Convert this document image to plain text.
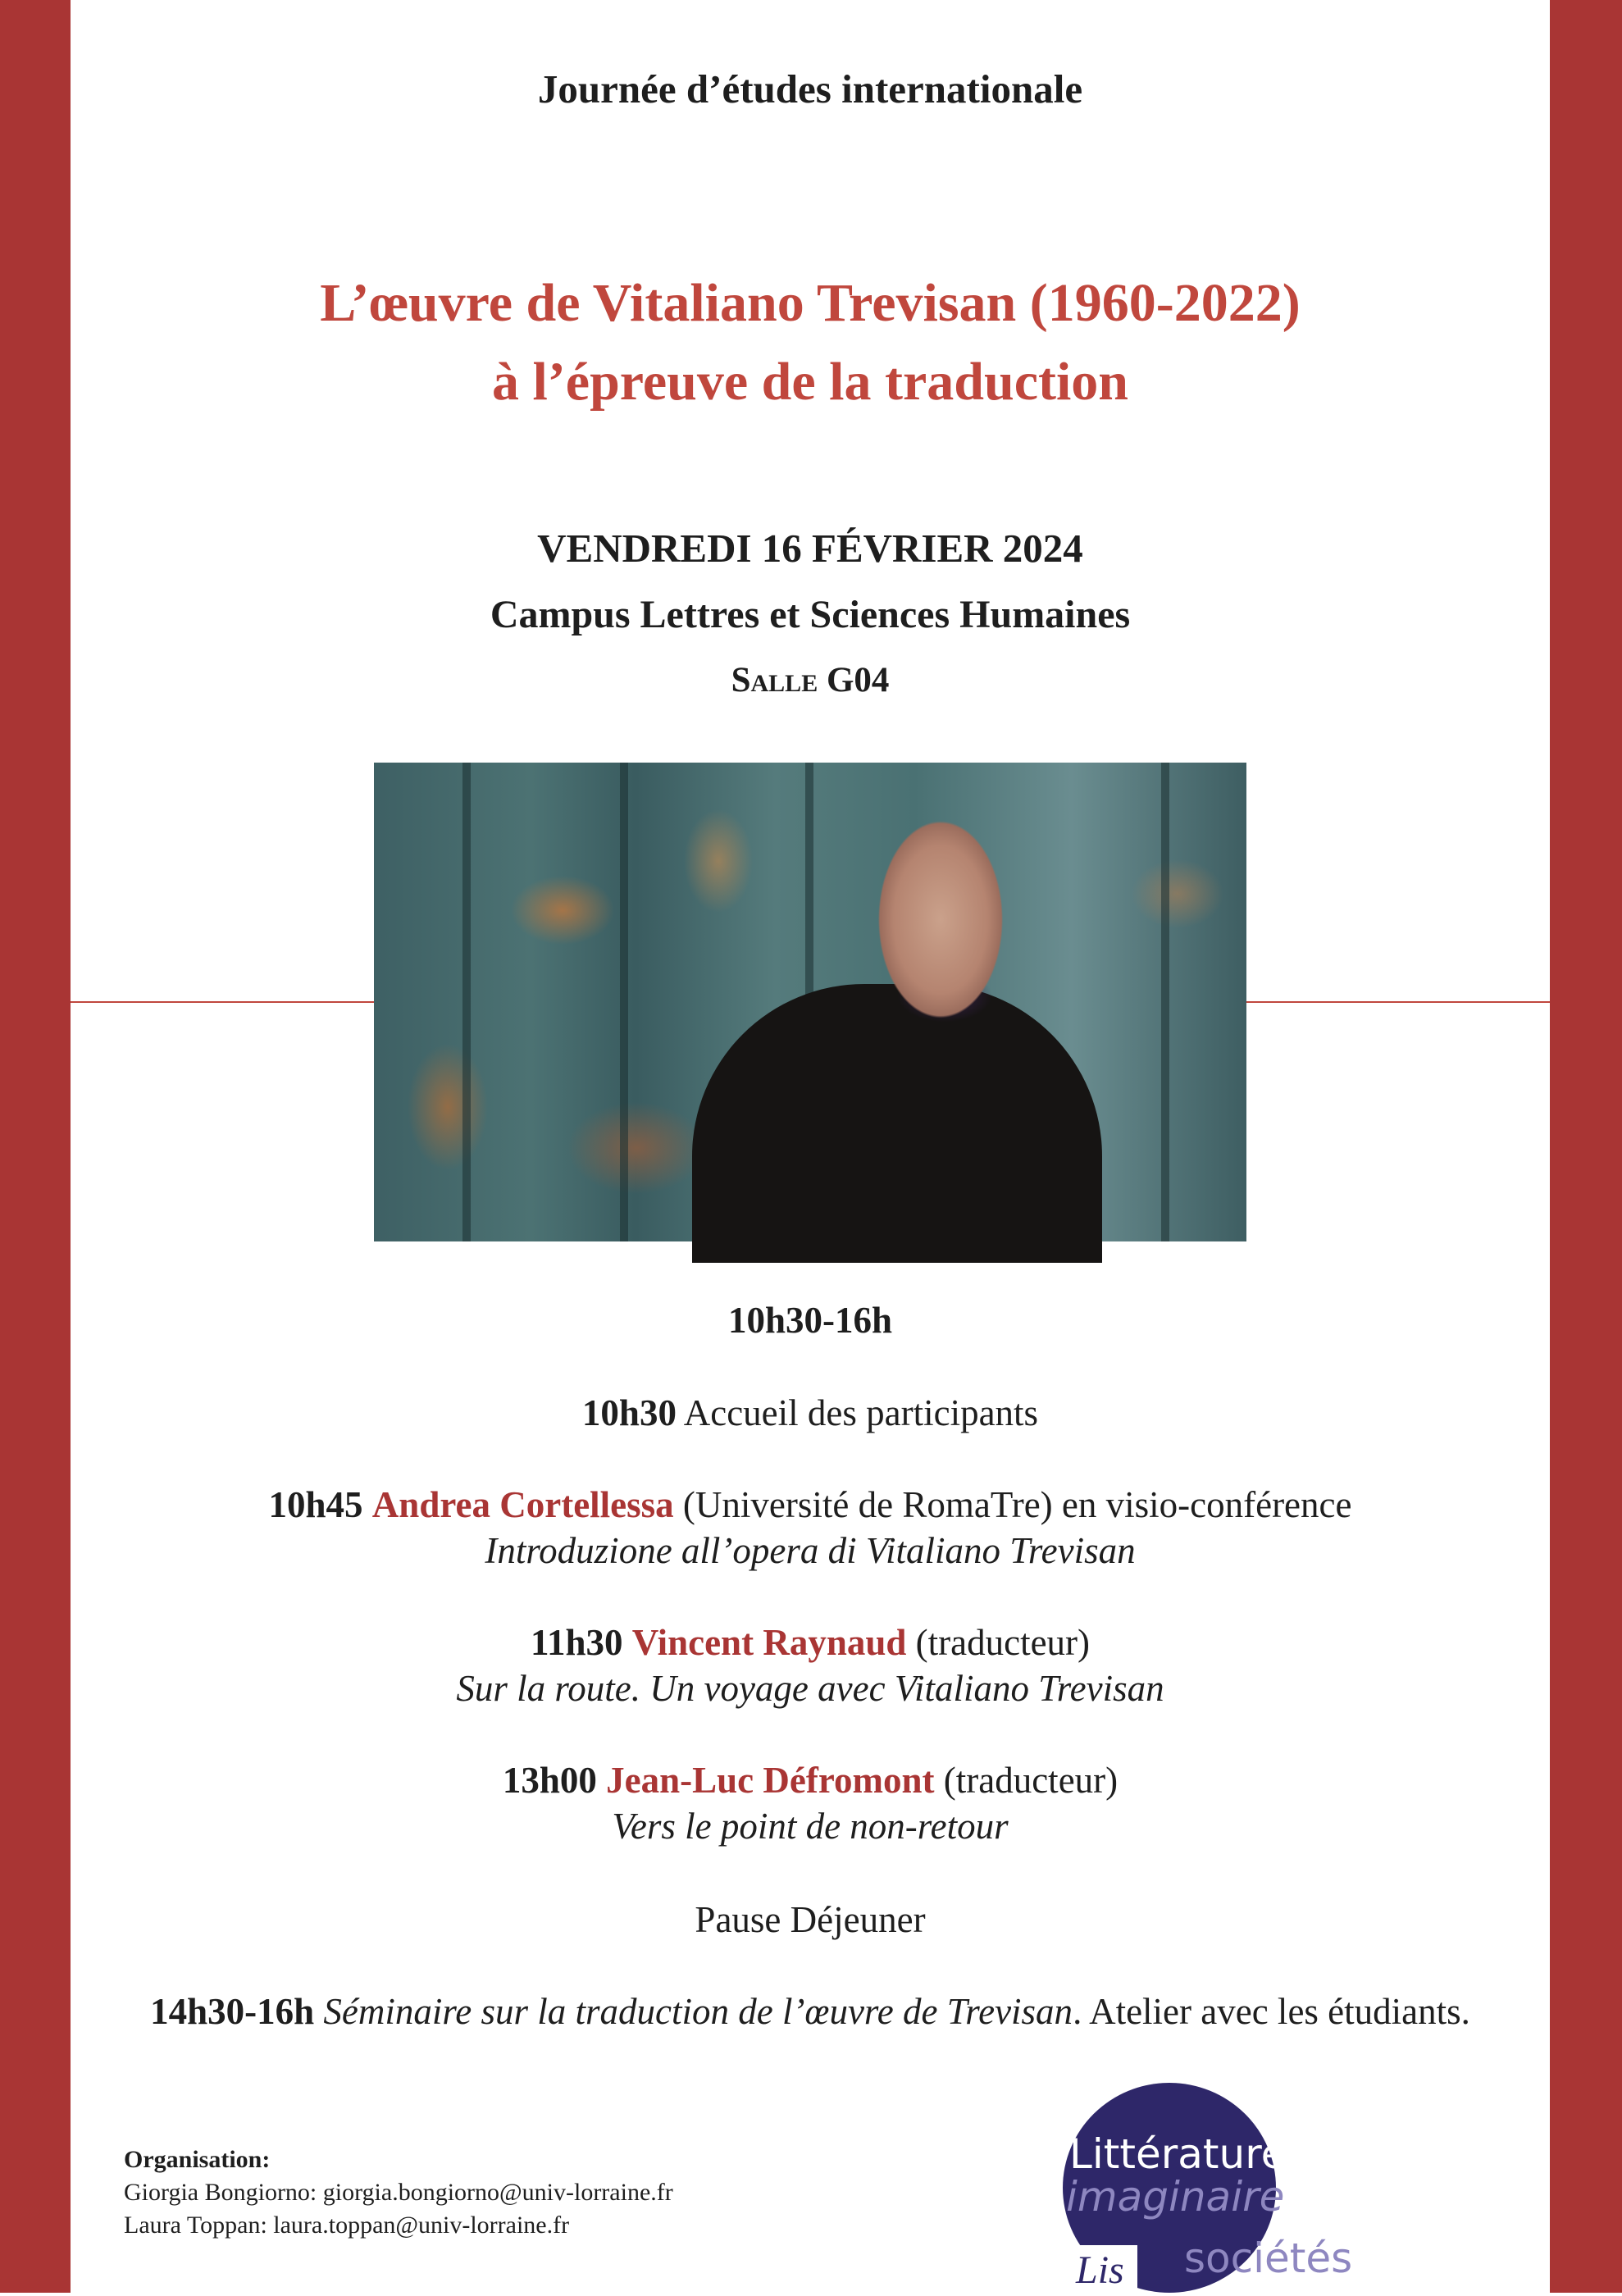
Journée d’études internationale
L’œuvre de Vitaliano Trevisan (1960-2022)
à l’épreuve de la traduction
VENDREDI 16 FÉVRIER 2024
Campus Lettres et Sciences Humaines
Salle G04
10h30-16h
10h30 Accueil des participants
10h45 Andrea Cortellessa (Université de RomaTre) en visio-conférence
Introduzione all’opera di Vitaliano Trevisan
11h30 Vincent Raynaud (traducteur)
Sur la route. Un voyage avec Vitaliano Trevisan
13h00 Jean-Luc Défromont (traducteur)
Vers le point de non-retour
Pause Déjeuner
14h30-16h Séminaire sur la traduction de l’œuvre de Trevisan. Atelier avec les étudiants.
Organisation:
Giorgia Bongiorno: giorgia.bongiorno@univ-lorraine.fr
Laura Toppan: laura.toppan@univ-lorraine.fr
Littératures
imaginaire
sociétés
Lis
